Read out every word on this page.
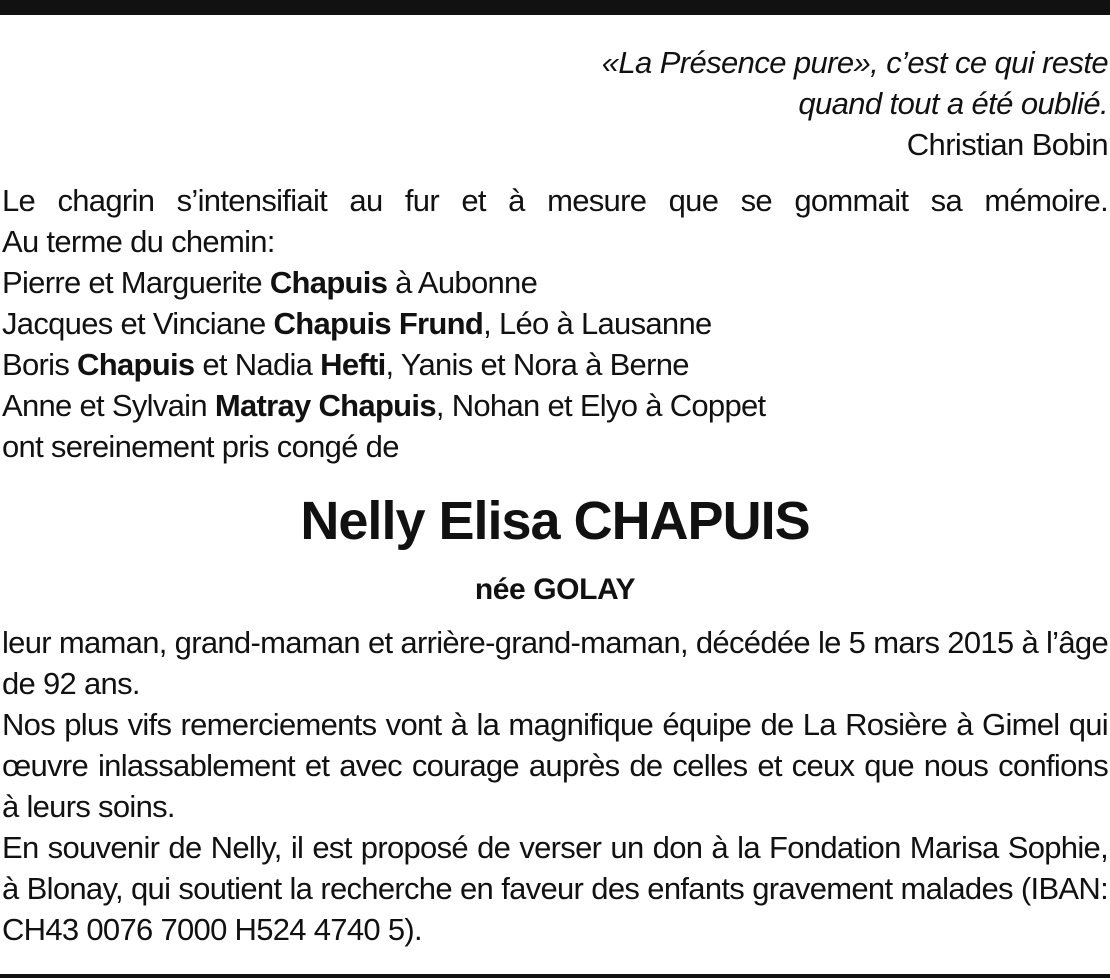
«La Présence pure», c’est ce qui reste
quand tout a été oublié.
Christian Bobin
Le chagrin s’intensifiait au fur et à mesure que se gommait sa mémoire.
Au terme du chemin:
Pierre et Marguerite Chapuis à Aubonne
Jacques et Vinciane Chapuis Frund, Léo à Lausanne
Boris Chapuis et Nadia Hefti, Yanis et Nora à Berne
Anne et Sylvain Matray Chapuis, Nohan et Elyo à Coppet
ont sereinement pris congé de
Nelly Elisa CHAPUIS
née GOLAY

leur maman, grand-maman et arrière-grand-maman, décédée le 5 mars 2015 à l’âge de 92 ans.

Nos plus vifs remerciements vont à la magnifique équipe de La Rosière à Gimel qui œuvre inlassablement et avec courage auprès de celles et ceux que nous confions à leurs soins.

En souvenir de Nelly, il est proposé de verser un don à la Fondation Marisa Sophie, à Blonay, qui soutient la recherche en faveur des enfants gravement malades (IBAN: CH43 0076 7000 H524 4740 5).
